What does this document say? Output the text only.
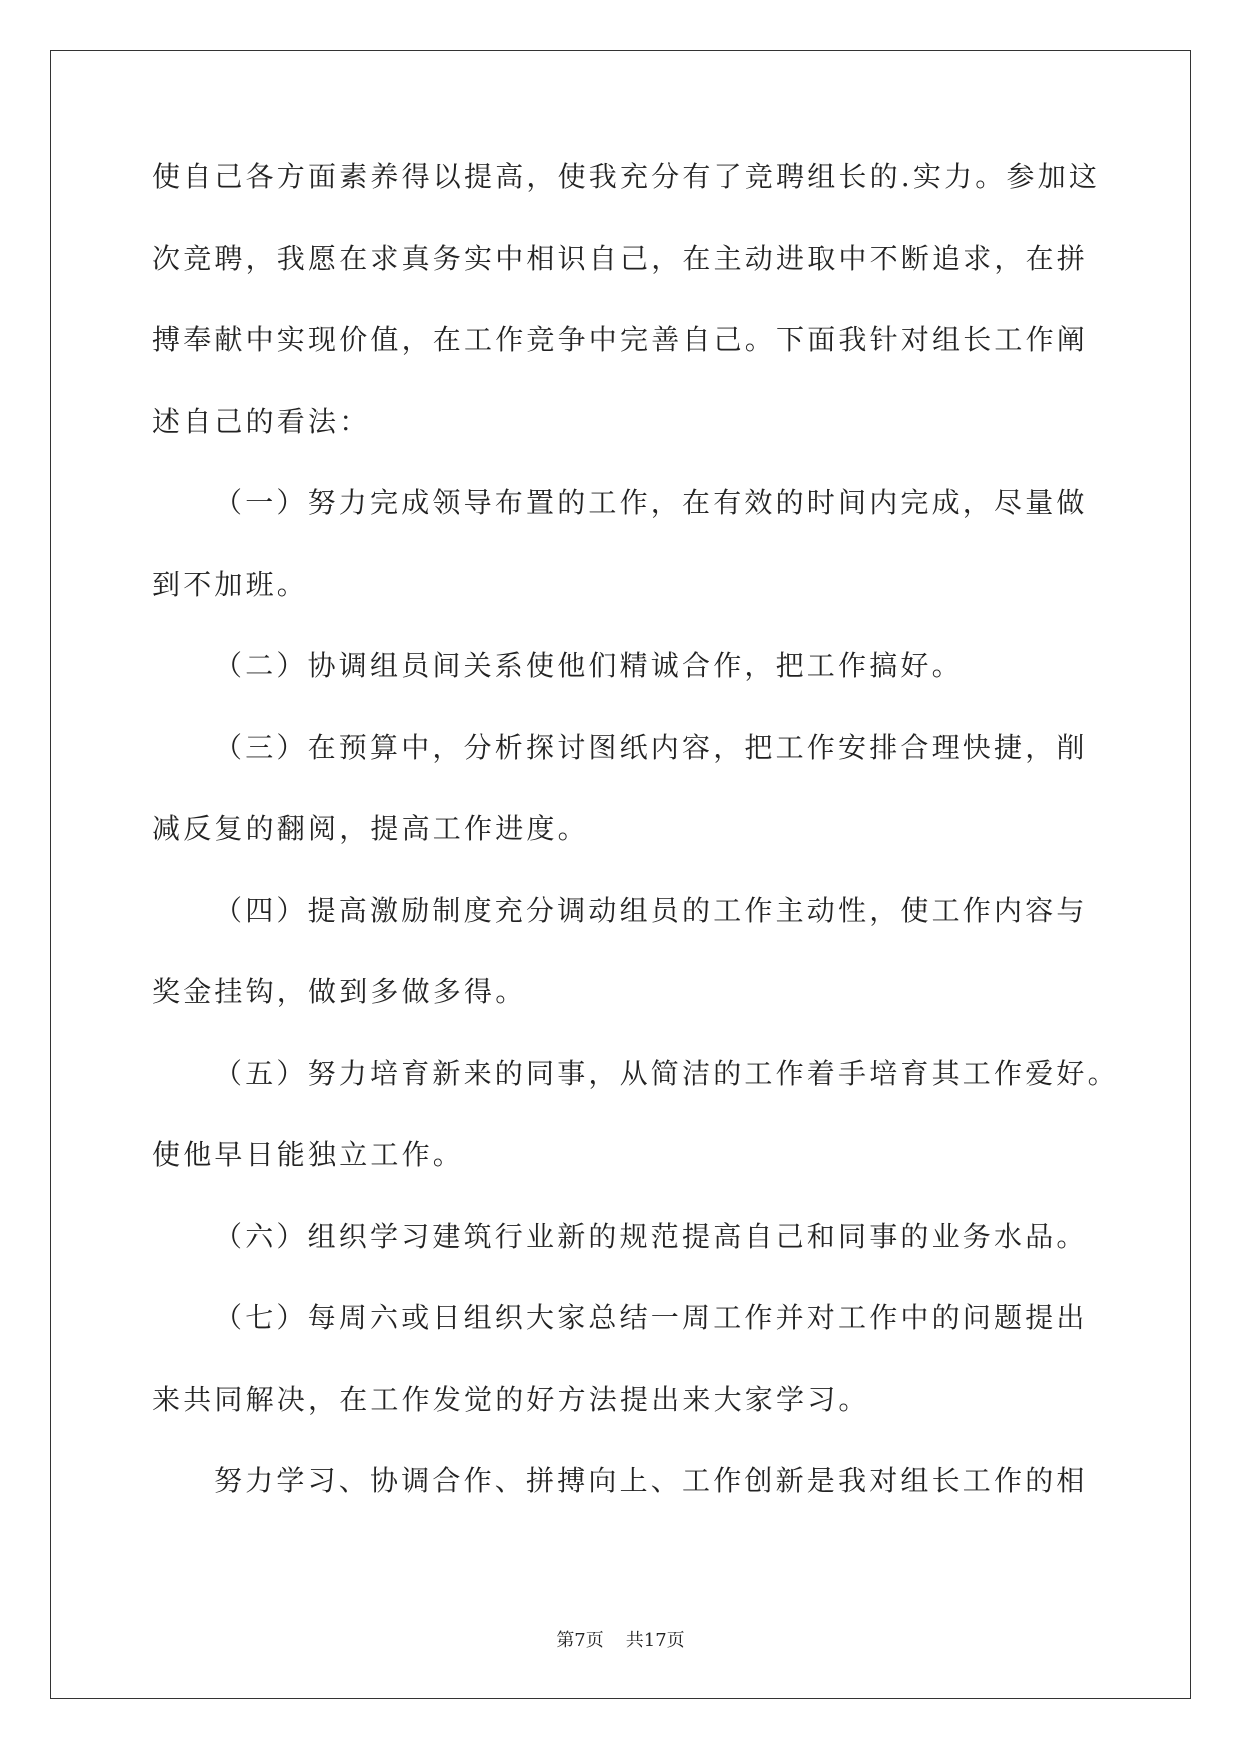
使自己各方面素养得以提高，使我充分有了竞聘组长的.实力。参加这
次竞聘，我愿在求真务实中相识自己，在主动进取中不断追求，在拼
搏奉献中实现价值，在工作竞争中完善自己。下面我针对组长工作阐
述自己的看法：
（一）努力完成领导布置的工作，在有效的时间内完成，尽量做
到不加班。
（二）协调组员间关系使他们精诚合作，把工作搞好。
（三）在预算中，分析探讨图纸内容，把工作安排合理快捷，削
减反复的翻阅，提高工作进度。
（四）提高激励制度充分调动组员的工作主动性，使工作内容与
奖金挂钩，做到多做多得。
（五）努力培育新来的同事，从简洁的工作着手培育其工作爱好。
使他早日能独立工作。
（六）组织学习建筑行业新的规范提高自己和同事的业务水品。
（七）每周六或日组织大家总结一周工作并对工作中的问题提出
来共同解决，在工作发觉的好方法提出来大家学习。
努力学习、协调合作、拼搏向上、工作创新是我对组长工作的相
第7页 共17页
